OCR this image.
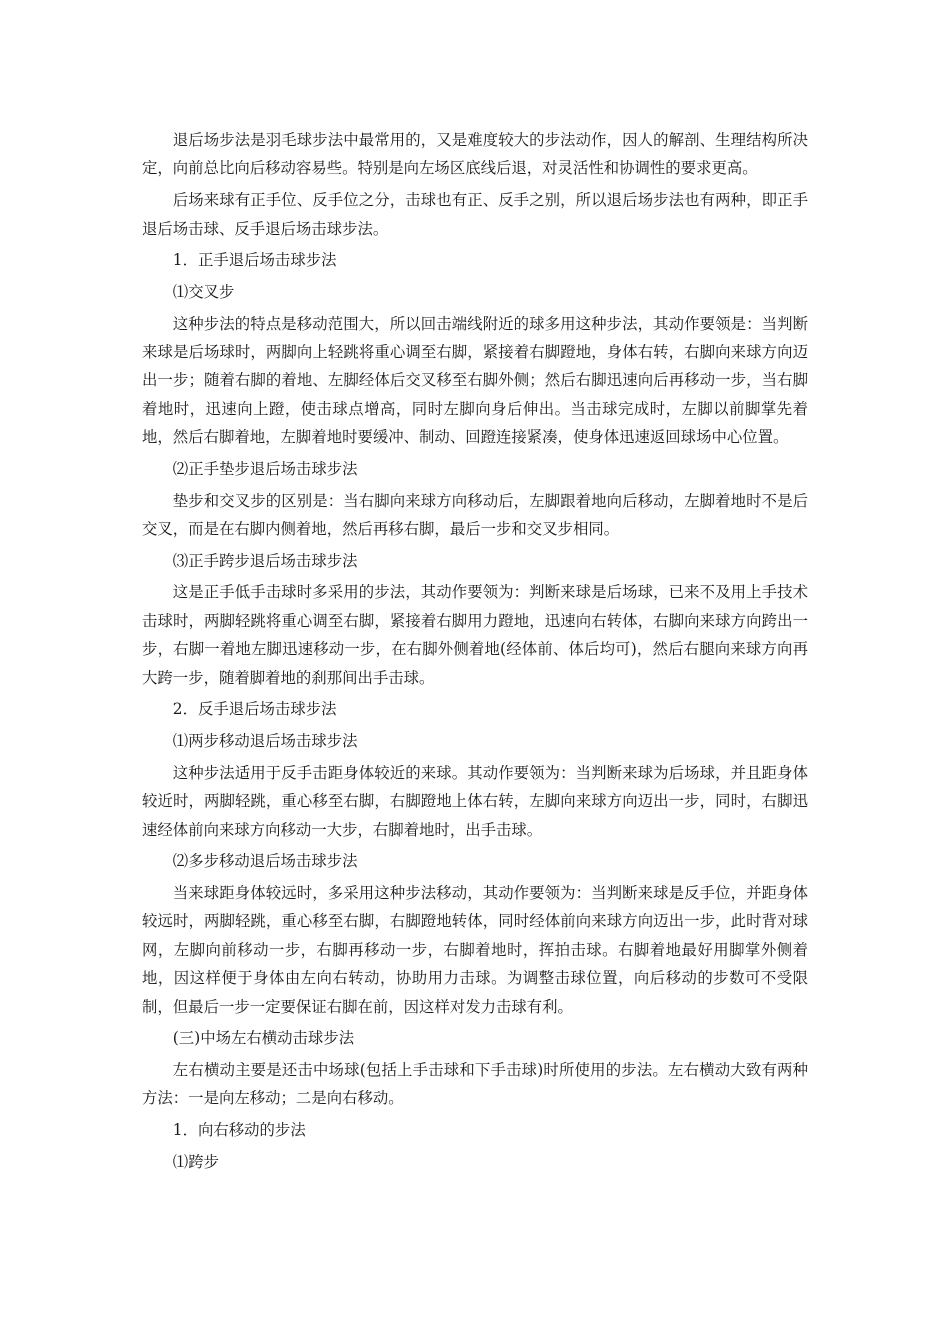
退后场步法是羽毛球步法中最常用的，又是难度较大的步法动作，因人的解剖、生理结构所决定，向前总比向后移动容易些。特别是向左场区底线后退，对灵活性和协调性的要求更高。

后场来球有正手位、反手位之分，击球也有正、反手之别，所以退后场步法也有两种，即正手退后场击球、反手退后场击球步法。

1．正手退后场击球步法

⑴交叉步

这种步法的特点是移动范围大，所以回击端线附近的球多用这种步法，其动作要领是：当判断来球是后场球时，两脚向上轻跳将重心调至右脚，紧接着右脚蹬地，身体右转，右脚向来球方向迈出一步；随着右脚的着地、左脚经体后交叉移至右脚外侧；然后右脚迅速向后再移动一步，当右脚着地时，迅速向上蹬，使击球点增高，同时左脚向身后伸出。当击球完成时，左脚以前脚掌先着地，然后右脚着地，左脚着地时要缓冲、制动、回蹬连接紧凑，使身体迅速返回球场中心位置。

⑵正手垫步退后场击球步法

垫步和交叉步的区别是：当右脚向来球方向移动后，左脚跟着地向后移动，左脚着地时不是后交叉，而是在右脚内侧着地，然后再移右脚，最后一步和交叉步相同。

⑶正手跨步退后场击球步法

这是正手低手击球时多采用的步法，其动作要领为：判断来球是后场球，已来不及用上手技术击球时，两脚轻跳将重心调至右脚，紧接着右脚用力蹬地，迅速向右转体，右脚向来球方向跨出一步，右脚一着地左脚迅速移动一步，在右脚外侧着地(经体前、体后均可)，然后右腿向来球方向再大跨一步，随着脚着地的刹那间出手击球。

2．反手退后场击球步法

⑴两步移动退后场击球步法

这种步法适用于反手击距身体较近的来球。其动作要领为：当判断来球为后场球，并且距身体较近时，两脚轻跳，重心移至右脚，右脚蹬地上体右转，左脚向来球方向迈出一步，同时，右脚迅速经体前向来球方向移动一大步，右脚着地时，出手击球。

⑵多步移动退后场击球步法

当来球距身体较远时，多采用这种步法移动，其动作要领为：当判断来球是反手位，并距身体较远时，两脚轻跳，重心移至右脚，右脚蹬地转体，同时经体前向来球方向迈出一步，此时背对球网，左脚向前移动一步，右脚再移动一步，右脚着地时，挥拍击球。右脚着地最好用脚掌外侧着地，因这样便于身体由左向右转动，协助用力击球。为调整击球位置，向后移动的步数可不受限制，但最后一步一定要保证右脚在前，因这样对发力击球有利。

(三)中场左右横动击球步法

左右横动主要是还击中场球(包括上手击球和下手击球)时所使用的步法。左右横动大致有两种方法：一是向左移动；二是向右移动。

1．向右移动的步法

⑴跨步
